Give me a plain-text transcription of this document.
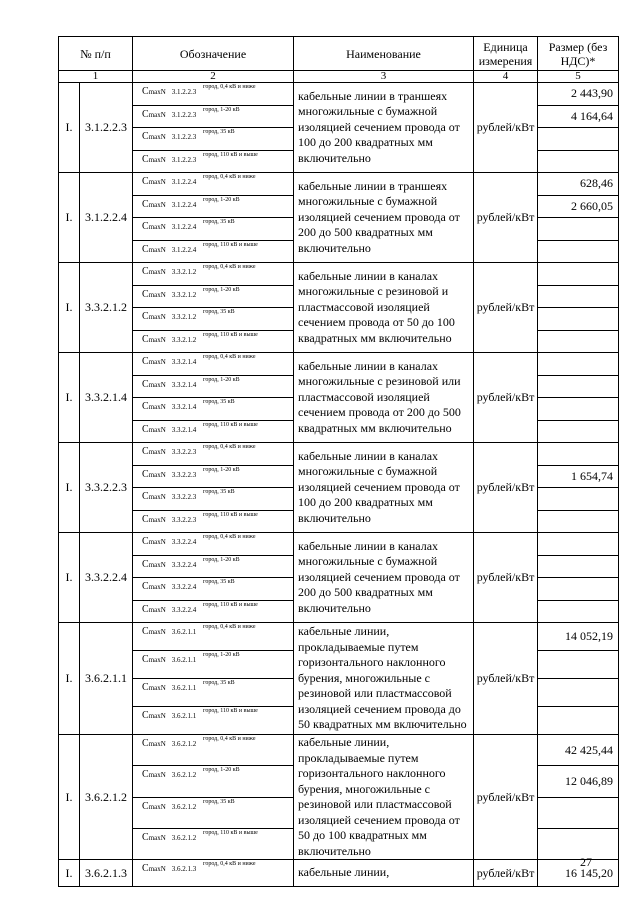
№ п/п		Обозначение	Наименование	Единица измерения	Размер (без НДС)*
1		2	3	4	5
I.	3.1.2.2.3	CmaxN 3.1.2.2.3
город, 0,4 кВ и ниже	кабельные линии в траншеях многожильные с бумажной изоляцией сечением провода от 100 до 200 квадратных мм включительно	рублей/кВт	2 443,90

		CmaxN 3.1.2.2.3
город, 1-20 кВ			4 164,64

		CmaxN 3.1.2.2.3
город, 35 кВ			

		CmaxN 3.1.2.2.3
город, 110 кВ и выше			

I.	3.1.2.2.4	CmaxN 3.1.2.2.4
город, 0,4 кВ и ниже	кабельные линии в траншеях многожильные с бумажной изоляцией сечением провода от 200 до 500 квадратных мм включительно	рублей/кВт	628,46

		CmaxN 3.1.2.2.4
город, 1-20 кВ			2 660,05

		CmaxN 3.1.2.2.4
город, 35 кВ			

		CmaxN 3.1.2.2.4
город, 110 кВ и выше			

I.	3.3.2.1.2	CmaxN 3.3.2.1.2
город, 0,4 кВ и ниже	кабельные линии в каналах многожильные с резиновой и пластмассовой изоляцией сечением провода от 50 до 100 квадратных мм включительно	рублей/кВт	

		CmaxN 3.3.2.1.2
город, 1-20 кВ			

		CmaxN 3.3.2.1.2
город, 35 кВ			

		CmaxN 3.3.2.1.2
город, 110 кВ и выше			

I.	3.3.2.1.4	CmaxN 3.3.2.1.4
город, 0,4 кВ и ниже	кабельные линии в каналах многожильные с резиновой или пластмассовой изоляцией сечением провода от 200 до 500 квадратных мм включительно	рублей/кВт	

		CmaxN 3.3.2.1.4
город, 1-20 кВ			

		CmaxN 3.3.2.1.4
город, 35 кВ			

		CmaxN 3.3.2.1.4
город, 110 кВ и выше			

I.	3.3.2.2.3	CmaxN 3.3.2.2.3
город, 0,4 кВ и ниже	кабельные линии в каналах многожильные с бумажной изоляцией сечением провода от 100 до 200 квадратных мм включительно	рублей/кВт	

		CmaxN 3.3.2.2.3
город, 1-20 кВ			1 654,74

		CmaxN 3.3.2.2.3
город, 35 кВ			

		CmaxN 3.3.2.2.3
город, 110 кВ и выше			

I.	3.3.2.2.4	CmaxN 3.3.2.2.4
город, 0,4 кВ и ниже	кабельные линии в каналах многожильные с бумажной изоляцией сечением провода от 200 до 500 квадратных мм включительно	рублей/кВт	

		CmaxN 3.3.2.2.4
город, 1-20 кВ			

		CmaxN 3.3.2.2.4
город, 35 кВ			

		CmaxN 3.3.2.2.4
город, 110 кВ и выше			

I.	3.6.2.1.1	CmaxN 3.6.2.1.1
город, 0,4 кВ и ниже	кабельные линии, прокладываемые путем горизонтального наклонного бурения, многожильные с резиновой или пластмассовой изоляцией сечением провода до 50 квадратных мм включительно	рублей/кВт	14 052,19

		CmaxN 3.6.2.1.1
город, 1-20 кВ			

		CmaxN 3.6.2.1.1
город, 35 кВ			

		CmaxN 3.6.2.1.1
город, 110 кВ и выше			

I.	3.6.2.1.2	CmaxN 3.6.2.1.2
город, 0,4 кВ и ниже	кабельные линии, прокладываемые путем горизонтального наклонного бурения, многожильные с резиновой или пластмассовой изоляцией сечением провода от 50 до 100 квадратных мм включительно	рублей/кВт	42 425,44

		CmaxN 3.6.2.1.2
город, 1-20 кВ			12 046,89

		CmaxN 3.6.2.1.2
город, 35 кВ			

		CmaxN 3.6.2.1.2
город, 110 кВ и выше			

I.	3.6.2.1.3	CmaxN 3.6.2.1.3
город, 0,4 кВ и ниже	кабельные линии,	рублей/кВт	16 145,20
27
